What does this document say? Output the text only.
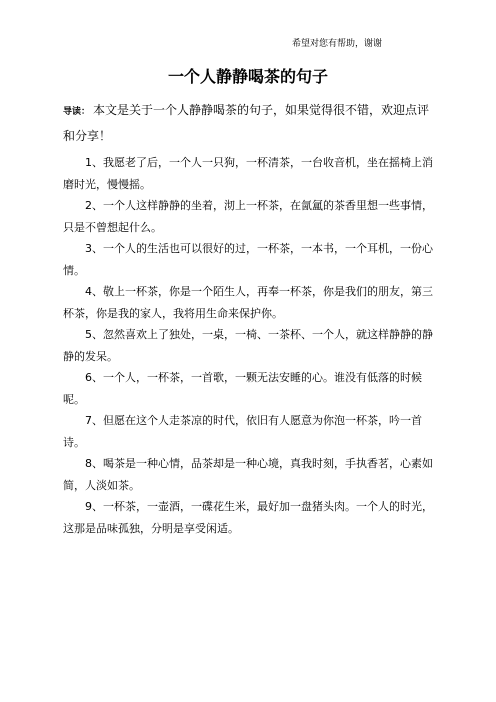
希望对您有帮助，谢谢
一个人静静喝茶的句子
导读： 本文是关于一个人静静喝茶的句子，如果觉得很不错，欢迎点评和分享！

1、我愿老了后，一个人一只狗，一杯清茶，一台收音机，坐在摇椅上消磨时光，慢慢摇。

2、一个人这样静静的坐着，沏上一杯茶，在氤氲的茶香里想一些事情，只是不曾想起什么。

3、一个人的生活也可以很好的过，一杯茶，一本书，一个耳机，一份心情。

4、敬上一杯茶，你是一个陌生人，再奉一杯茶，你是我们的朋友，第三杯茶，你是我的家人，我将用生命来保护你。

5、忽然喜欢上了独处，一桌，一椅、一茶杯、一个人，就这样静静的静静的发呆。

6、一个人，一杯茶，一首歌，一颗无法安睡的心。谁没有低落的时候呢。

7、但愿在这个人走茶凉的时代，依旧有人愿意为你泡一杯茶，吟一首诗。

8、喝茶是一种心情，品茶却是一种心境，真我时刻，手执香茗，心素如简，人淡如茶。

9、一杯茶，一壶酒，一碟花生米，最好加一盘猪头肉。一个人的时光，这那是品味孤独，分明是享受闲适。
